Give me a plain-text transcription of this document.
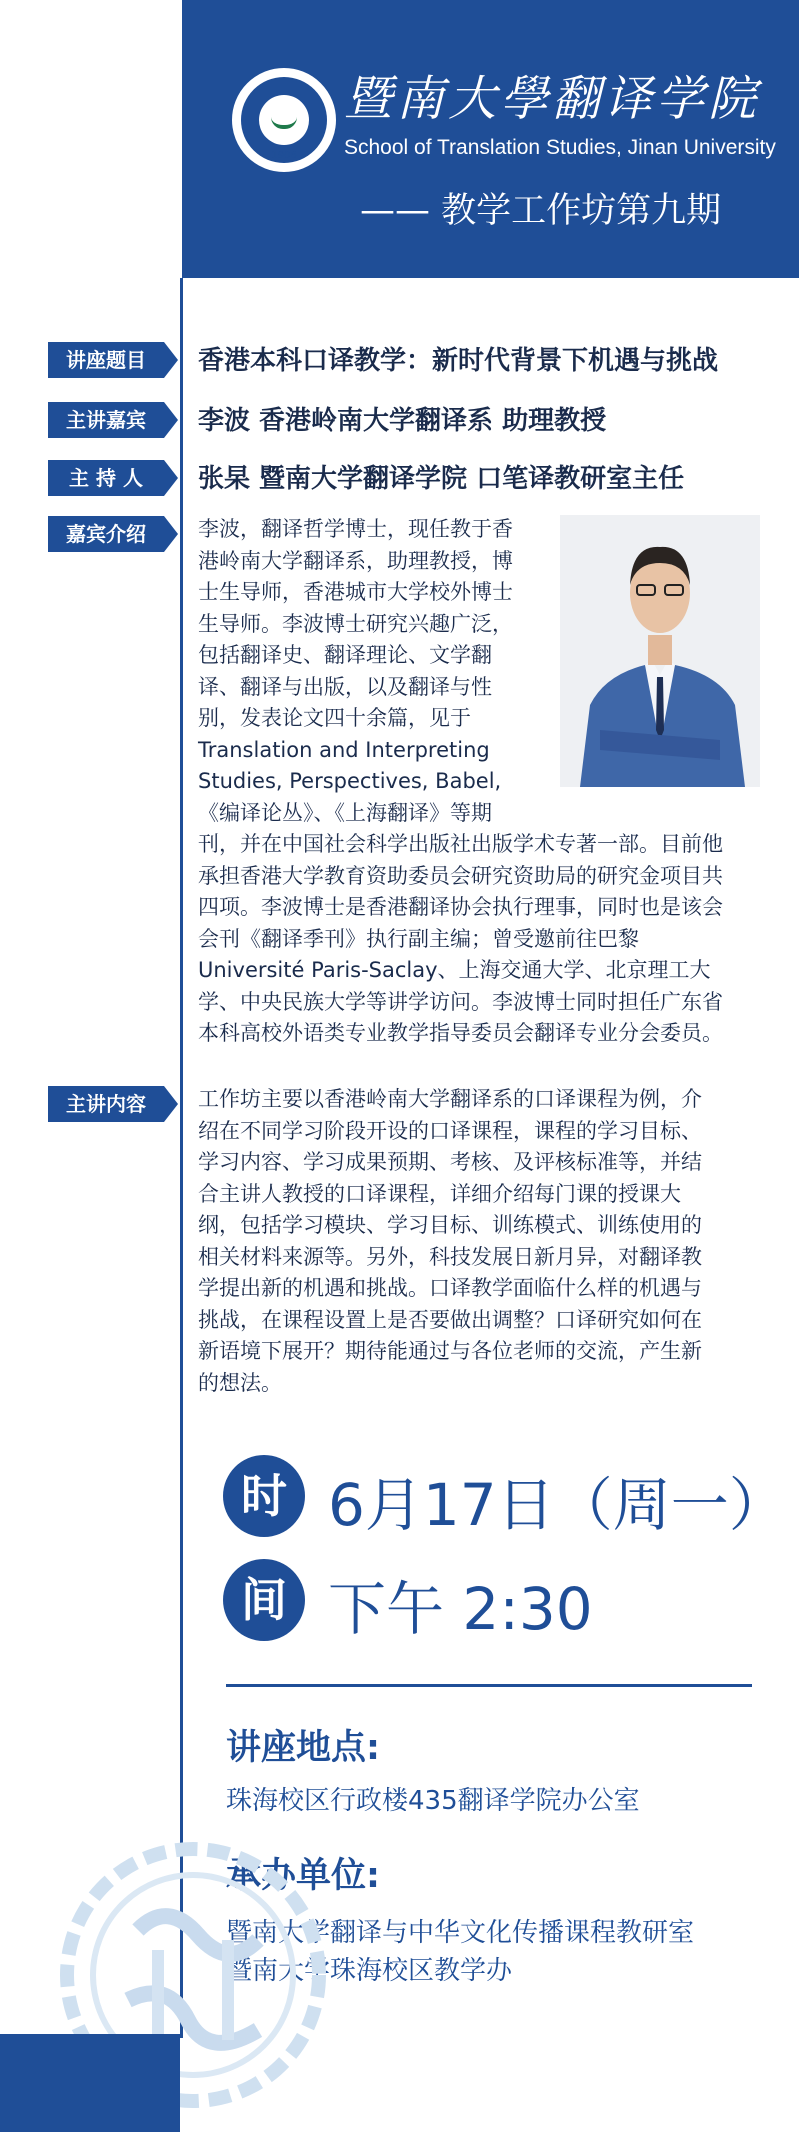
1906
暨南大學翻译学院
School of Translation Studies, Jinan University
—— 教学工作坊第九期
讲座题目	香港本科口译教学：新时代背景下机遇与挑战
主讲嘉宾	李波 香港岭南大学翻译系 助理教授
主 持 人	张杲 暨南大学翻译学院 口笔译教研室主任
嘉宾介绍	李波，翻译哲学博士，现任教于香
港岭南大学翻译系，助理教授，博
士生导师，香港城市大学校外博士
生导师。李波博士研究兴趣广泛，
包括翻译史、翻译理论、文学翻
译、翻译与出版，以及翻译与性
别，发表论文四十余篇，见于
Translation and Interpreting
Studies, Perspectives, Babel,
《编译论丛》、《上海翻译》等期
刊，并在中国社会科学出版社出版学术专著一部。目前他
承担香港大学教育资助委员会研究资助局的研究金项目共
四项。李波博士是香港翻译协会执行理事，同时也是该会
会刊《翻译季刊》执行副主编；曾受邀前往巴黎
Université Paris-Saclay、上海交通大学、北京理工大
学、中央民族大学等讲学访问。李波博士同时担任广东省
本科高校外语类专业教学指导委员会翻译专业分会委员。
主讲内容	工作坊主要以香港岭南大学翻译系的口译课程为例，介
绍在不同学习阶段开设的口译课程，课程的学习目标、
学习内容、学习成果预期、考核、及评核标准等，并结
合主讲人教授的口译课程，详细介绍每门课的授课大
纲，包括学习模块、学习目标、训练模式、训练使用的
相关材料来源等。另外，科技发展日新月异，对翻译教
学提出新的机遇和挑战。口译教学面临什么样的机遇与
挑战，在课程设置上是否要做出调整？口译研究如何在
新语境下展开？期待能通过与各位老师的交流，产生新
的想法。
时 6月17日（周一）
间 下午 2:30
讲座地点:
珠海校区行政楼435翻译学院办公室
承办单位:
暨南大学翻译与中华文化传播课程教研室
暨南大学珠海校区教学办
